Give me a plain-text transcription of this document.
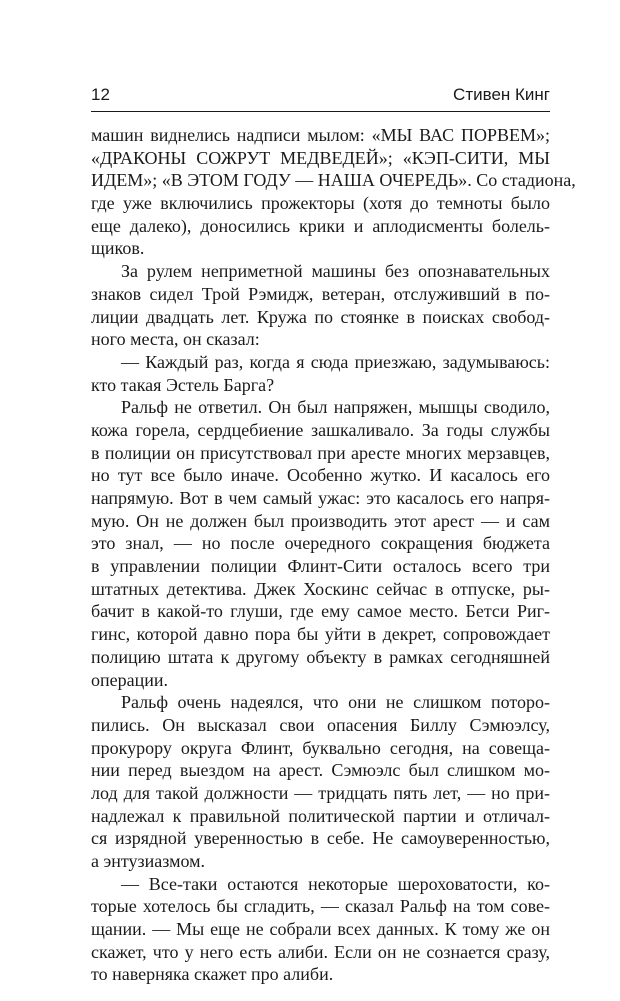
12	Стивен Кинг
машин виднелись надписи мылом: «МЫ ВАС ПОРВЕМ»;
«ДРАКОНЫ СОЖРУТ МЕДВЕДЕЙ»; «КЭП-СИТИ, МЫ
ИДЕМ»; «В ЭТОМ ГОДУ — НАША ОЧЕРЕДЬ». Со стадиона,
где уже включились прожекторы (хотя до темноты было
еще далеко), доносились крики и аплодисменты болель-
щиков.
За рулем неприметной машины без опознавательных
знаков сидел Трой Рэмидж, ветеран, отслуживший в по-
лиции двадцать лет. Кружа по стоянке в поисках свобод-
ного места, он сказал:
— Каждый раз, когда я сюда приезжаю, задумываюсь:
кто такая Эстель Барга?
Ральф не ответил. Он был напряжен, мышцы сводило,
кожа горела, сердцебиение зашкаливало. За годы службы
в полиции он присутствовал при аресте многих мерзавцев,
но тут все было иначе. Особенно жутко. И касалось его
напрямую. Вот в чем самый ужас: это касалось его напря-
мую. Он не должен был производить этот арест — и сам
это знал, — но после очередного сокращения бюджета
в управлении полиции Флинт-Сити осталось всего три
штатных детектива. Джек Хоскинс сейчас в отпуске, ры-
бачит в какой-то глуши, где ему самое место. Бетси Риг-
гинс, которой давно пора бы уйти в декрет, сопровождает
полицию штата к другому объекту в рамках сегодняшней
операции.
Ральф очень надеялся, что они не слишком поторо-
пились. Он высказал свои опасения Биллу Сэмюэлсу,
прокурору округа Флинт, буквально сегодня, на совеща-
нии перед выездом на арест. Сэмюэлс был слишком мо-
лод для такой должности — тридцать пять лет, — но при-
надлежал к правильной политической партии и отличал-
ся изрядной уверенностью в себе. Не самоуверенностью,
а энтузиазмом.
— Все-таки остаются некоторые шероховатости, ко-
торые хотелось бы сгладить, — сказал Ральф на том сове-
щании. — Мы еще не собрали всех данных. К тому же он
скажет, что у него есть алиби. Если он не сознается сразу,
то наверняка скажет про алиби.
